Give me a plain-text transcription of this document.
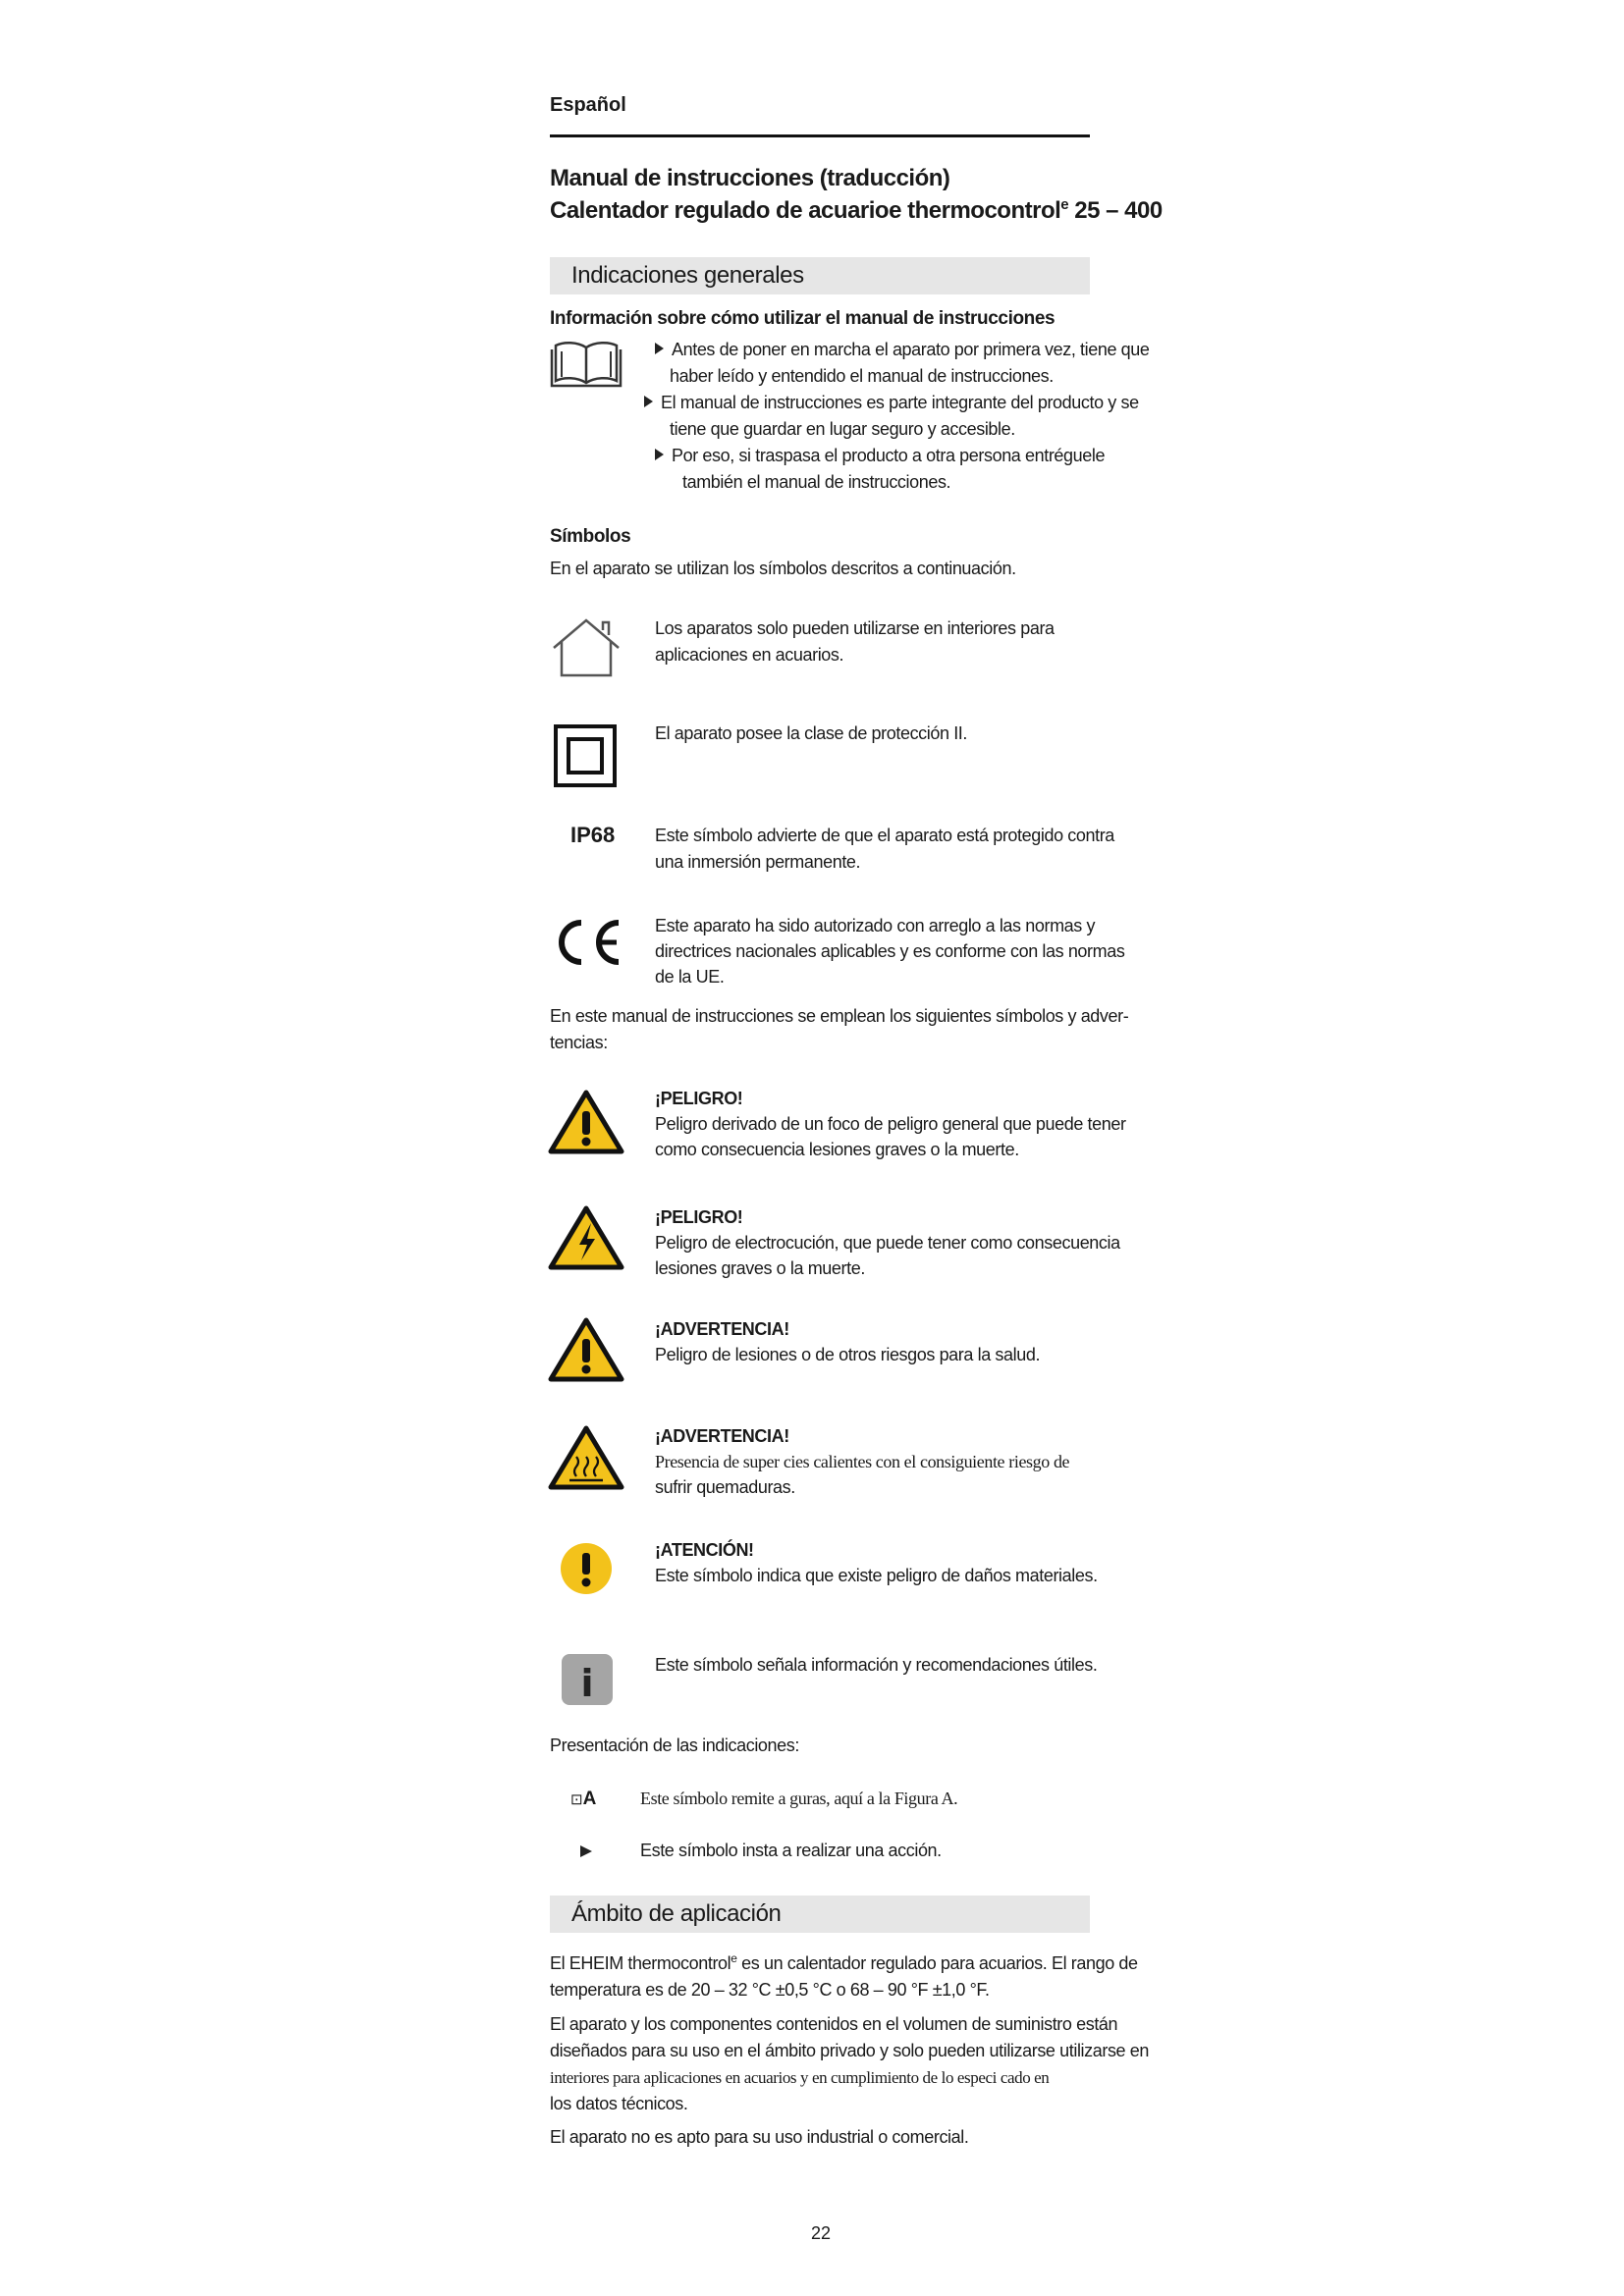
Español
Manual de instrucciones (traducción)
Calentador regulado de acuarioe thermocontrol$^e$ 25 – 400
Indicaciones generales
Información sobre cómo utilizar el manual de instrucciones
Antes de poner en marcha el aparato por primera vez, tiene que
haber leído y entendido el manual de instrucciones.
El manual de instrucciones es parte integrante del producto y se
tiene que guardar en lugar seguro y accesible.
Por eso, si traspasa el producto a otra persona entréguele
también el manual de instrucciones.
Símbolos
En el aparato se utilizan los símbolos descritos a continuación.
Los aparatos solo pueden utilizarse en interiores para
aplicaciones en acuarios.
El aparato posee la clase de protección II.
IP68 Este símbolo advierte de que el aparato está protegido contra
una inmersión permanente.
Este aparato ha sido autorizado con arreglo a las normas y
directrices nacionales aplicables y es conforme con las normas
de la UE.
En este manual de instrucciones se emplean los siguientes símbolos y adver-
tencias:
¡PELIGRO!
Peligro derivado de un foco de peligro general que puede tener
como consecuencia lesiones graves o la muerte.
¡PELIGRO!
Peligro de electrocución, que puede tener como consecuencia
lesiones graves o la muerte.
¡ADVERTENCIA!
Peligro de lesiones o de otros riesgos para la salud.
¡ADVERTENCIA!
Presencia de super cies calientes con el consiguiente riesgo de
sufrir quemaduras.
¡ATENCIÓN!
Este símbolo indica que existe peligro de daños materiales.
i	Este símbolo señala información y recomendaciones útiles.
Presentación de las indicaciones:
⊡A Este símbolo remite a guras, aquí a la Figura A.
Este símbolo insta a realizar una acción.
Ámbito de aplicación
El EHEIM thermocontrol$^e$ es un calentador regulado para acuarios. El rango de
temperatura es de 20 – 32 °C ±0,5 °C o 68 – 90 °F ±1,0 °F.
El aparato y los componentes contenidos en el volumen de suministro están
diseñados para su uso en el ámbito privado y solo pueden utilizarse utilizarse en
interiores para aplicaciones en acuarios y en cumplimiento de lo especi cado en
los datos técnicos.
El aparato no es apto para su uso industrial o comercial.
22
